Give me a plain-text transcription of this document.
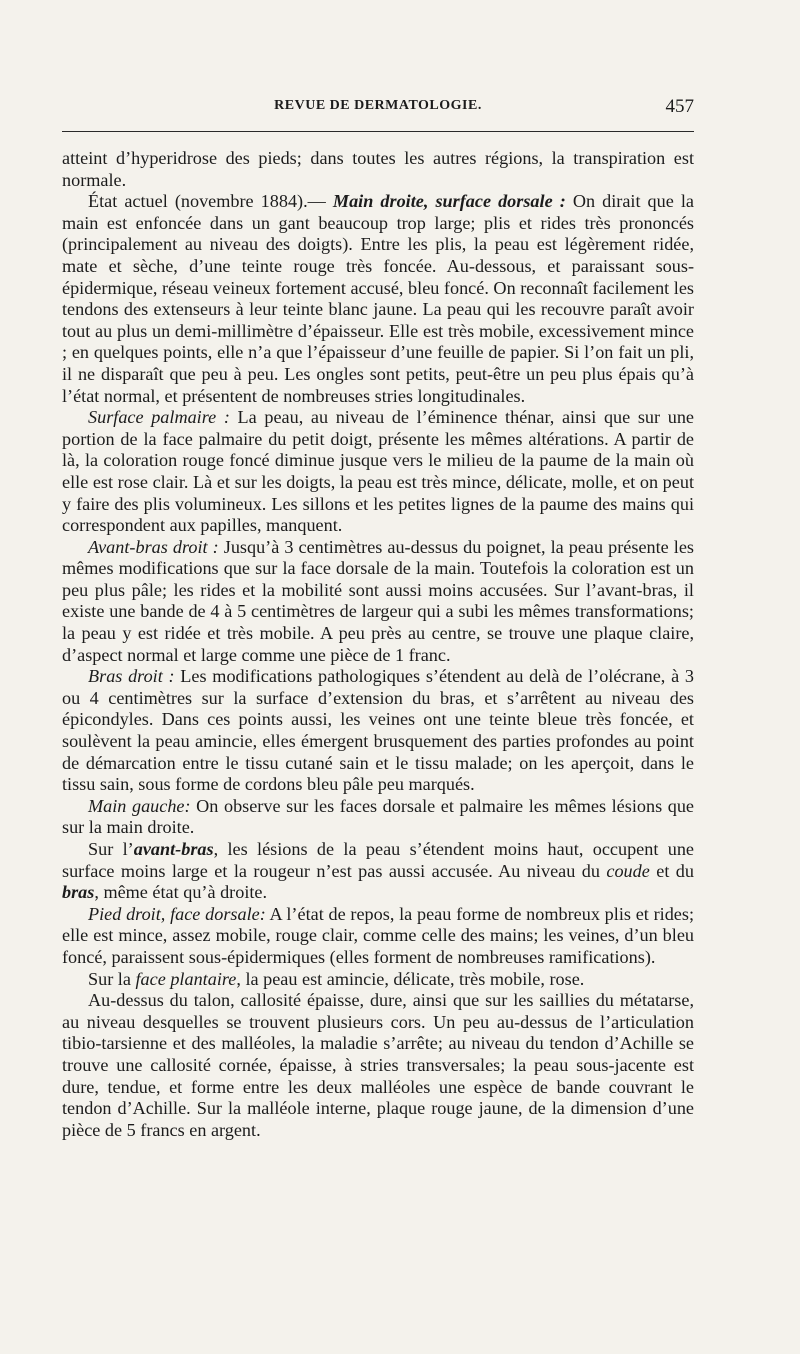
REVUE DE DERMATOLOGIE.	457

atteint d’hyperidrose des pieds; dans toutes les autres régions, la transpiration est normale.

État actuel (novembre 1884).— Main droite, surface dorsale : On dirait que la main est enfoncée dans un gant beaucoup trop large; plis et rides très prononcés (principalement au niveau des doigts). Entre les plis, la peau est légèrement ridée, mate et sèche, d’une teinte rouge très foncée. Au-dessous, et paraissant sous-épidermique, réseau veineux fortement accusé, bleu foncé. On reconnaît facilement les tendons des extenseurs à leur teinte blanc jaune. La peau qui les recouvre paraît avoir tout au plus un demi-millimètre d’épaisseur. Elle est très mobile, excessivement mince ; en quelques points, elle n’a que l’épaisseur d’une feuille de papier. Si l’on fait un pli, il ne disparaît que peu à peu. Les ongles sont petits, peut-être un peu plus épais qu’à l’état normal, et présentent de nombreuses stries longitudinales.

Surface palmaire : La peau, au niveau de l’éminence thénar, ainsi que sur une portion de la face palmaire du petit doigt, présente les mêmes altérations. A partir de là, la coloration rouge foncé diminue jusque vers le milieu de la paume de la main où elle est rose clair. Là et sur les doigts, la peau est très mince, délicate, molle, et on peut y faire des plis volumineux. Les sillons et les petites lignes de la paume des mains qui correspondent aux papilles, manquent.

Avant-bras droit : Jusqu’à 3 centimètres au-dessus du poignet, la peau présente les mêmes modifications que sur la face dorsale de la main. Toutefois la coloration est un peu plus pâle; les rides et la mobilité sont aussi moins accusées. Sur l’avant-bras, il existe une bande de 4 à 5 centimètres de largeur qui a subi les mêmes transformations; la peau y est ridée et très mobile. A peu près au centre, se trouve une plaque claire, d’aspect normal et large comme une pièce de 1 franc.

Bras droit : Les modifications pathologiques s’étendent au delà de l’olécrane, à 3 ou 4 centimètres sur la surface d’extension du bras, et s’arrêtent au niveau des épicondyles. Dans ces points aussi, les veines ont une teinte bleue très foncée, et soulèvent la peau amincie, elles émergent brusquement des parties profondes au point de démarcation entre le tissu cutané sain et le tissu malade; on les aperçoit, dans le tissu sain, sous forme de cordons bleu pâle peu marqués.

Main gauche: On observe sur les faces dorsale et palmaire les mêmes lésions que sur la main droite.

Sur l’avant-bras, les lésions de la peau s’étendent moins haut, occupent une surface moins large et la rougeur n’est pas aussi accusée. Au niveau du coude et du bras, même état qu’à droite.

Pied droit, face dorsale: A l’état de repos, la peau forme de nombreux plis et rides; elle est mince, assez mobile, rouge clair, comme celle des mains; les veines, d’un bleu foncé, paraissent sous-épidermiques (elles forment de nombreuses ramifications).

Sur la face plantaire, la peau est amincie, délicate, très mobile, rose.

Au-dessus du talon, callosité épaisse, dure, ainsi que sur les saillies du métatarse, au niveau desquelles se trouvent plusieurs cors. Un peu au-dessus de l’articulation tibio-tarsienne et des malléoles, la maladie s’arrête; au niveau du tendon d’Achille se trouve une callosité cornée, épaisse, à stries transversales; la peau sous-jacente est dure, tendue, et forme entre les deux malléoles une espèce de bande couvrant le tendon d’Achille. Sur la malléole interne, plaque rouge jaune, de la dimension d’une pièce de 5 francs en argent.
